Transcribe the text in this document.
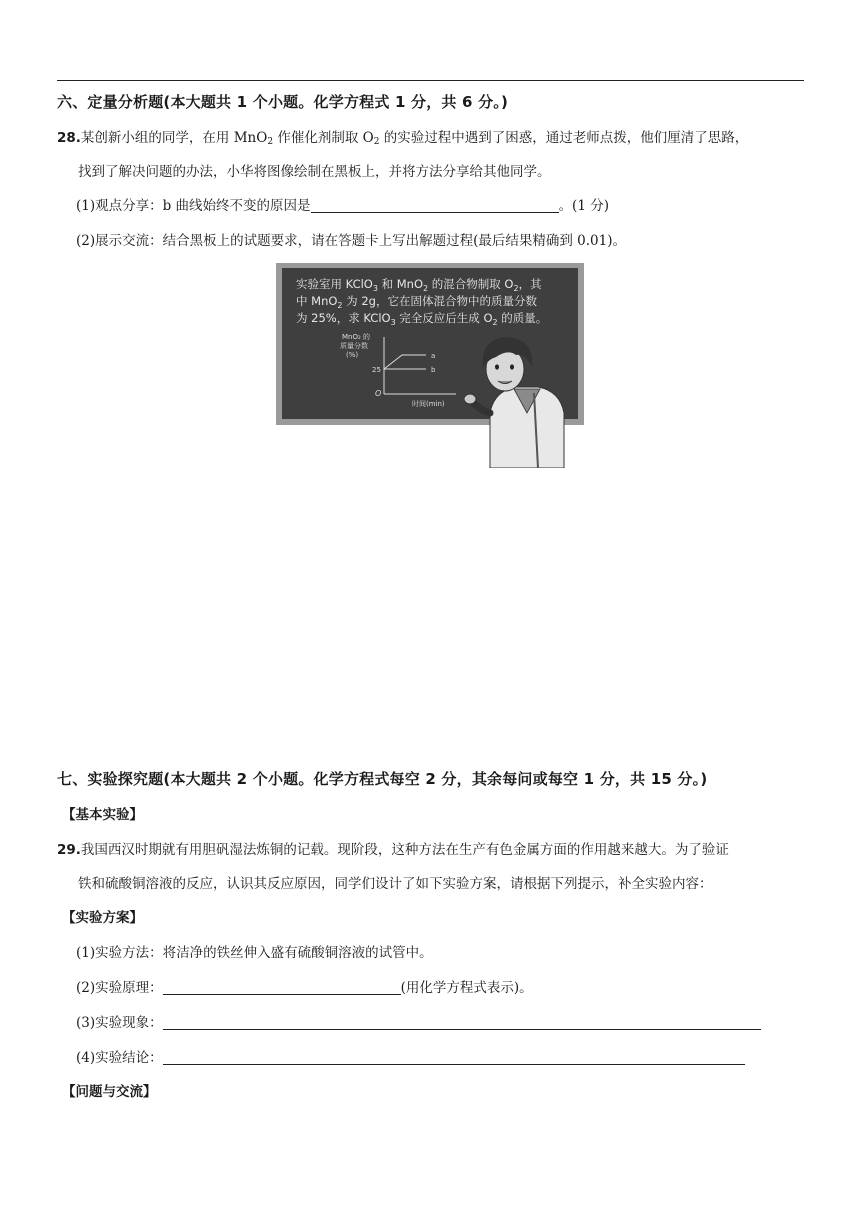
六、定量分析题(本大题共 1 个小题。化学方程式 1 分，共 6 分。)
28.某创新小组的同学，在用 MnO$_2$ 作催化剂制取 $O_2$ 的实验过程中遇到了困惑，通过老师点拨，他们厘清了思路，
找到了解决问题的办法，小华将图像绘制在黑板上，并将方法分享给其他同学。
(1)观点分享：b 曲线始终不变的原因是	。(1 分)
(2)展示交流：结合黑板上的试题要求，请在答题卡上写出解题过程(最后结果精确到 0.01)。
实验室用 KClO$_3$ 和 MnO$_2$ 的混合物制取 $O_2$，其
中 MnO$_2$ 为 2g，它在固体混合物中的质量分数
为 25%，求 KClO$_3$ 完全反应后生成 $O_2$ 的质量。
MnO₂ 的
质量分数
(%)	a
b
25
O
时间(min)
七、实验探究题(本大题共 2 个小题。化学方程式每空 2 分，其余每问或每空 1 分，共 15 分。)
【基本实验】
29.我国西汉时期就有用胆矾湿法炼铜的记载。现阶段，这种方法在生产有色金属方面的作用越来越大。为了验证
铁和硫酸铜溶液的反应，认识其反应原因，同学们设计了如下实验方案，请根据下列提示，补全实验内容：
【实验方案】
(1)实验方法：将洁净的铁丝伸入盛有硫酸铜溶液的试管中。
(2)实验原理：	(用化学方程式表示)。
(3)实验现象：
(4)实验结论：
【问题与交流】
